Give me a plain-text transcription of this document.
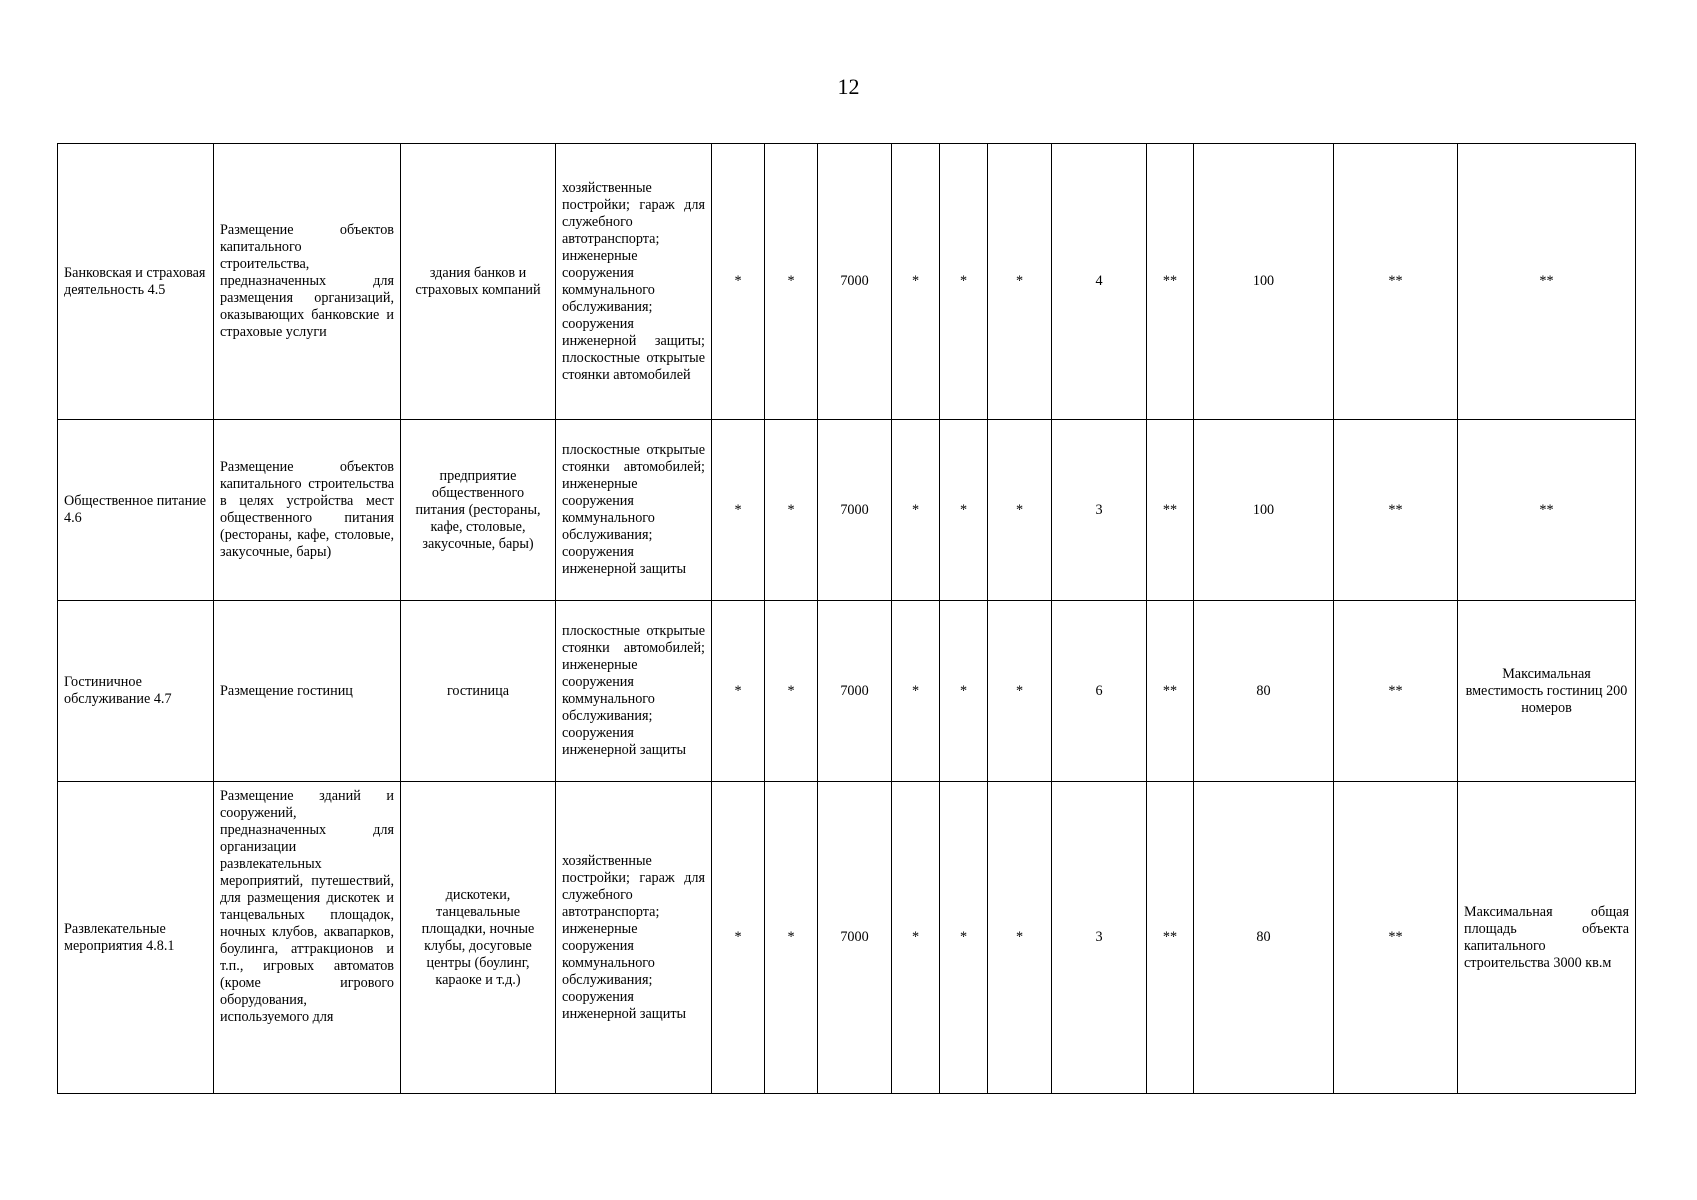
12
Банковская и страховая деятельность 4.5	Размещение объектов капитального строительства, предназначенных для размещения организаций, оказывающих банковские и страховые услуги	здания банков и страховых компаний	хозяйственные постройки; гараж для служебного автотранспорта; инженерные сооружения коммунального обслуживания; сооружения инженерной защиты; плоскостные открытые стоянки автомобилей	*	*	7000	*	*	*	4	**	100	**	**
Общественное питание 4.6	Размещение объектов капитального строительства в целях устройства мест общественного питания (рестораны, кафе, столовые, закусочные, бары)	предприятие общественного питания (рестораны, кафе, столовые, закусочные, бары)	плоскостные открытые стоянки автомобилей; инженерные сооружения коммунального обслуживания; сооружения инженерной защиты	*	*	7000	*	*	*	3	**	100	**	**
Гостиничное обслуживание 4.7	Размещение гостиниц	гостиница	плоскостные открытые стоянки автомобилей; инженерные сооружения коммунального обслуживания; сооружения инженерной защиты	*	*	7000	*	*	*	6	**	80	**	Максимальная вместимость гостиниц 200 номеров
Развлекательные мероприятия 4.8.1	Размещение зданий и сооружений, предназначенных для организации развлекательных мероприятий, путешествий, для размещения дискотек и танцевальных площадок, ночных клубов, аквапарков, боулинга, аттракционов и т.п., игровых автоматов (кроме игрового оборудования, используемого для	дискотеки, танцевальные площадки, ночные клубы, досуговые центры (боулинг, караоке и т.д.)	хозяйственные постройки; гараж для служебного автотранспорта; инженерные сооружения коммунального обслуживания; сооружения инженерной защиты	*	*	7000	*	*	*	3	**	80	**	Максимальная общая площадь объекта капитального строительства 3000 кв.м
